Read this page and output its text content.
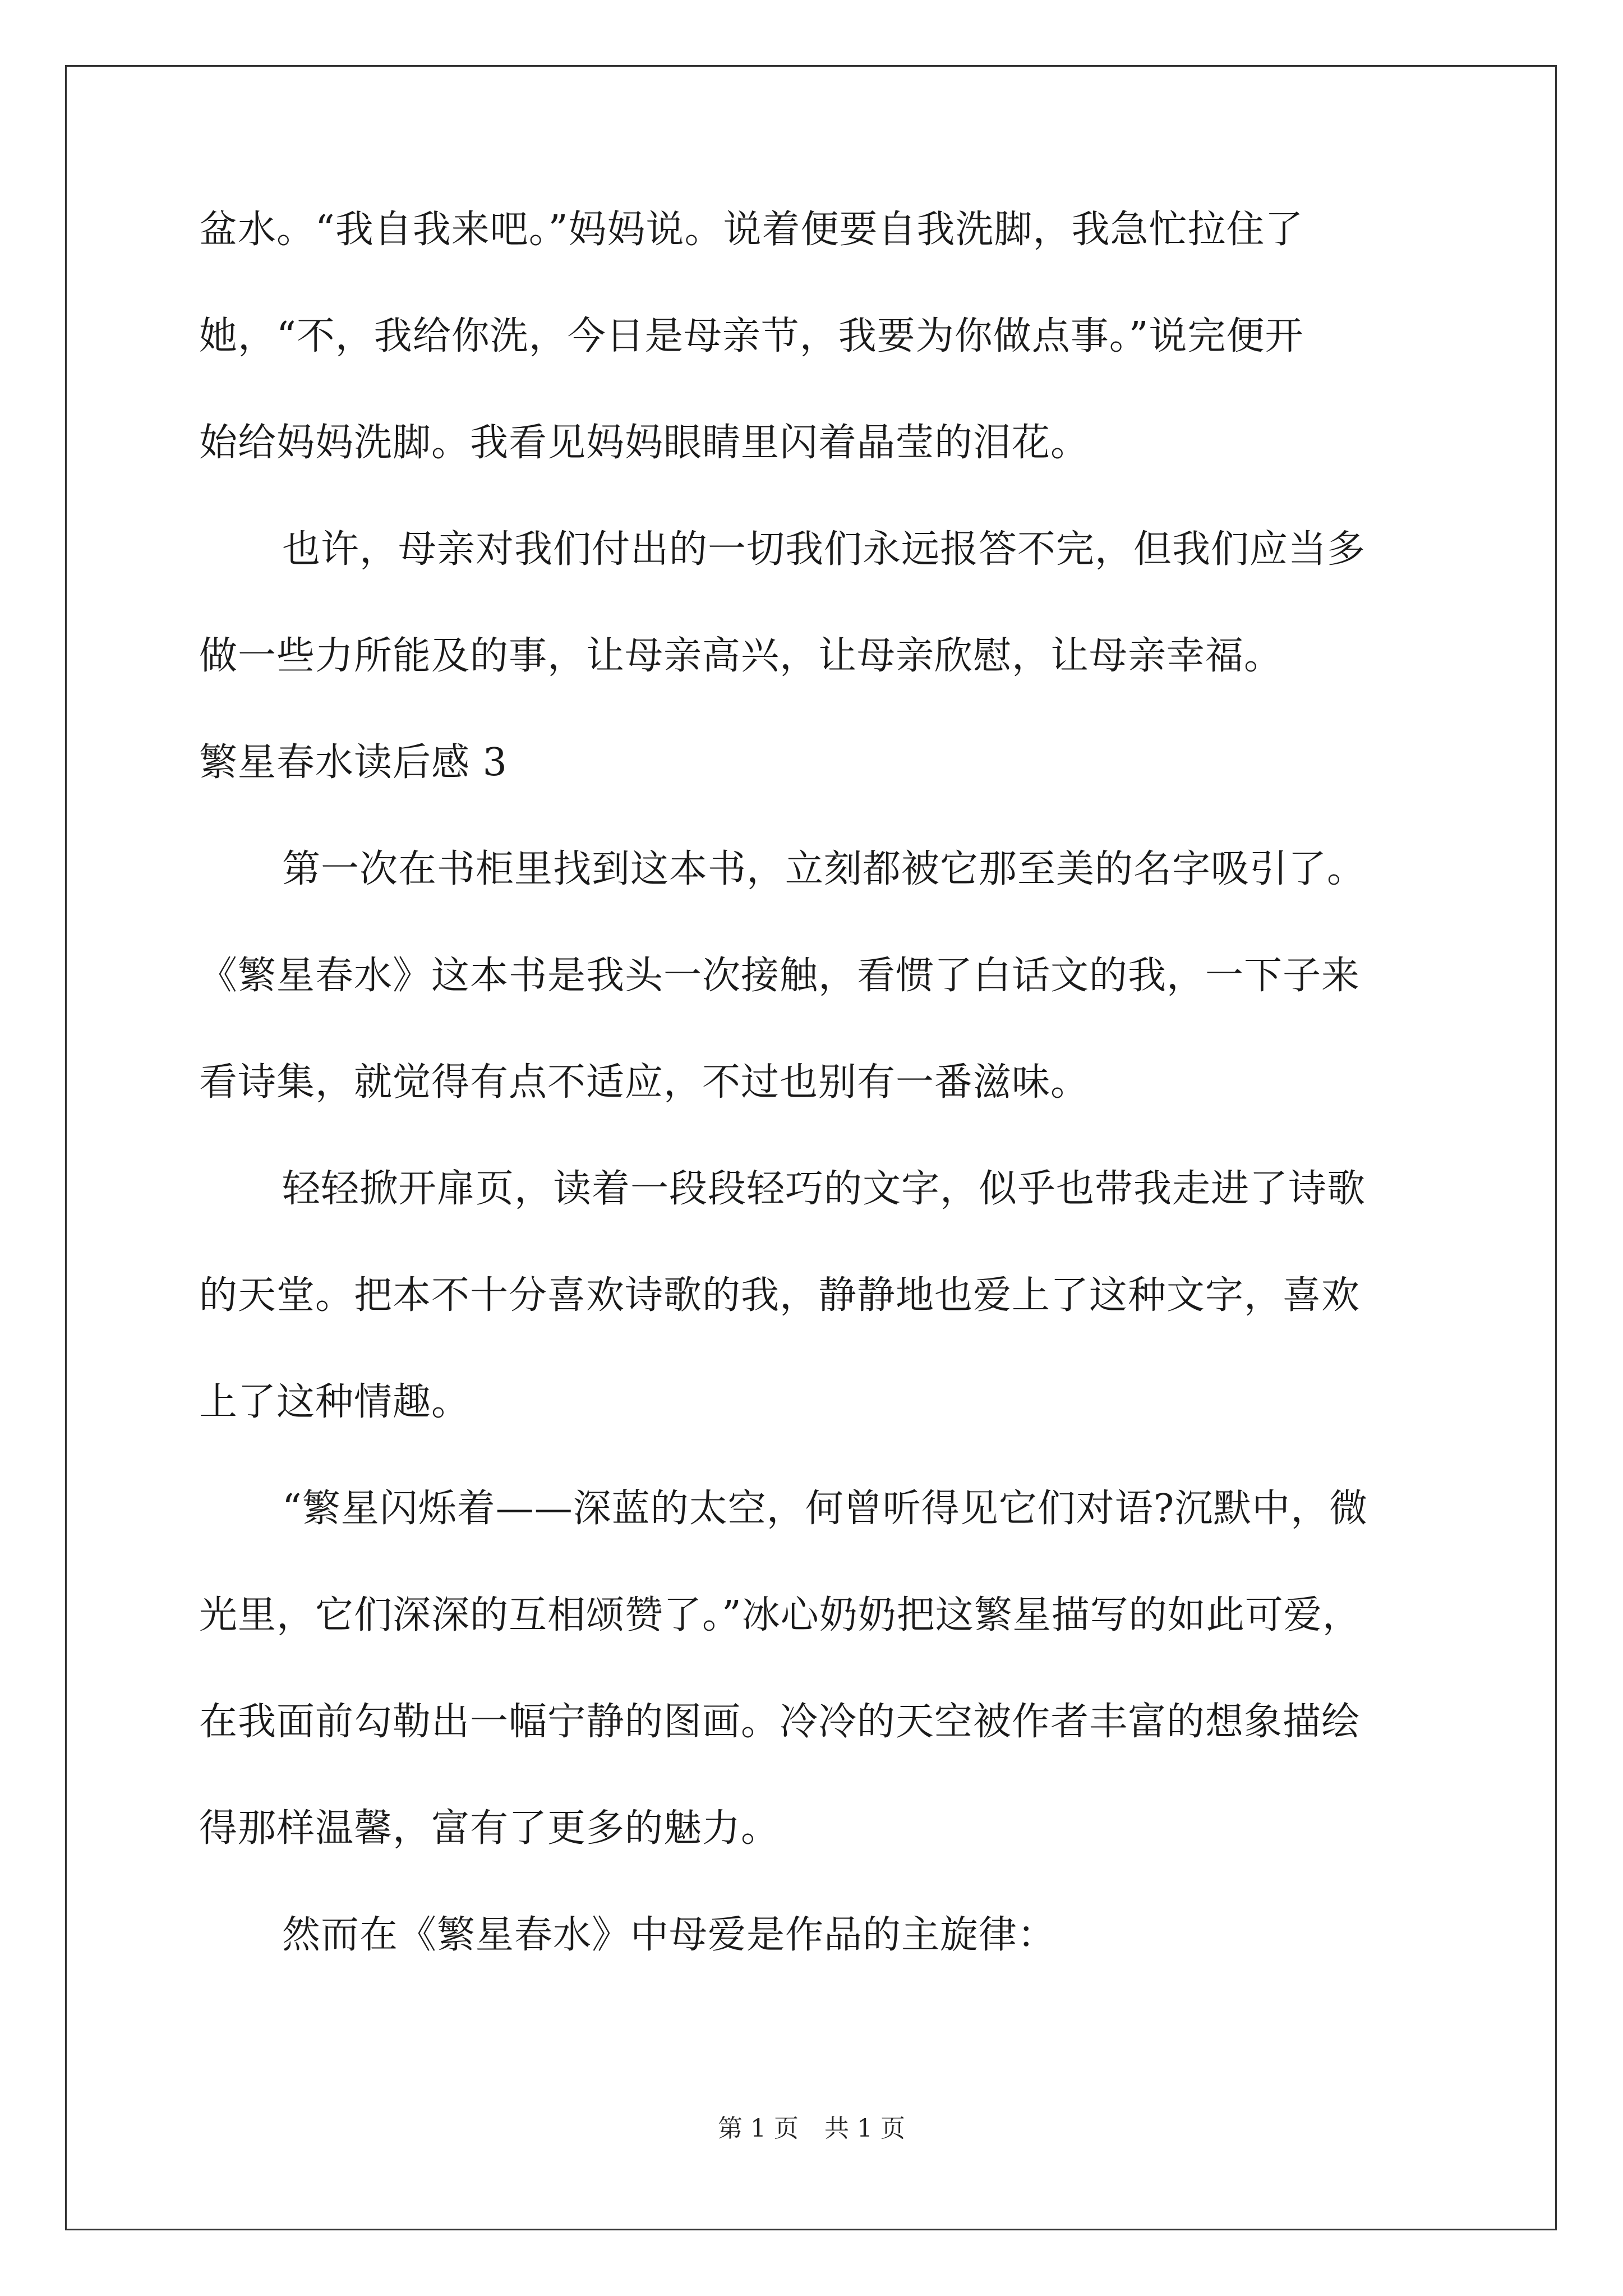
盆水。“我自我来吧。”妈妈说。说着便要自我洗脚，我急忙拉住了
她，“不，我给你洗，今日是母亲节，我要为你做点事。”说完便开
始给妈妈洗脚。我看见妈妈眼睛里闪着晶莹的泪花。
也许，母亲对我们付出的一切我们永远报答不完，但我们应当多
做一些力所能及的事，让母亲高兴，让母亲欣慰，让母亲幸福。
繁星春水读后感 3
第一次在书柜里找到这本书，立刻都被它那至美的名字吸引了。
《繁星春水》这本书是我头一次接触，看惯了白话文的我，一下子来
看诗集，就觉得有点不适应，不过也别有一番滋味。
轻轻掀开扉页，读着一段段轻巧的文字，似乎也带我走进了诗歌
的天堂。把本不十分喜欢诗歌的我，静静地也爱上了这种文字，喜欢
上了这种情趣。
“繁星闪烁着——深蓝的太空，何曾听得见它们对语?沉默中，微
光里，它们深深的互相颂赞了。”冰心奶奶把这繁星描写的如此可爱，
在我面前勾勒出一幅宁静的图画。冷冷的天空被作者丰富的想象描绘
得那样温馨，富有了更多的魅力。
然而在《繁星春水》中母爱是作品的主旋律：
第 1 页 共 1 页
